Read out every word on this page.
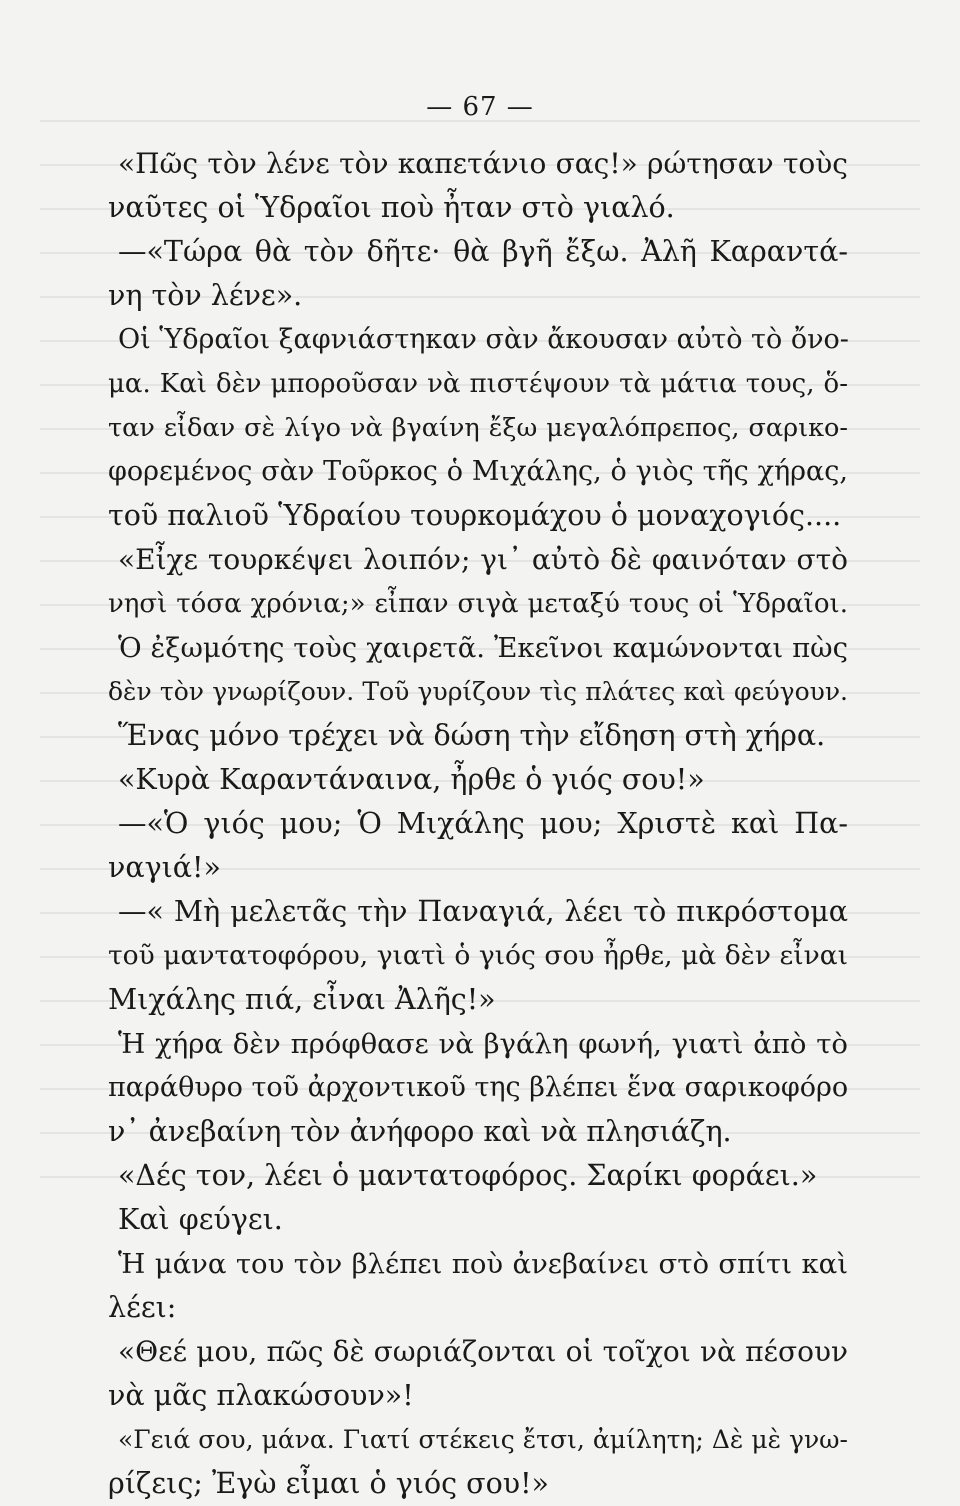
— 67 —
«Πῶς τὸν λένε τὸν καπετάνιο σας!» ρώτησαν τοὺς
ναῦτες οἱ Ὑδραῖοι ποὺ ἦταν στὸ γιαλό.
—«Τώρα θὰ τὸν δῆτε· θὰ βγῆ ἔξω. Ἀλῆ Καραντά-
νη τὸν λένε».
Οἱ Ὑδραῖοι ξαφνιάστηκαν σὰν ἄκουσαν αὐτὸ τὸ ὄνο-
μα. Καὶ δὲν μποροῦσαν νὰ πιστέψουν τὰ μάτια τους, ὅ-
ταν εἶδαν σὲ λίγο νὰ βγαίνη ἔξω μεγαλόπρεπος, σαρικο-
φορεμένος σὰν Τοῦρκος ὁ Μιχάλης, ὁ γιὸς τῆς χήρας,
τοῦ παλιοῦ Ὑδραίου τουρκομάχου ὁ μοναχογιός....
«Εἶχε τουρκέψει λοιπόν; γι᾿ αὐτὸ δὲ φαινόταν στὸ
νησὶ τόσα χρόνια;» εἶπαν σιγὰ μεταξύ τους οἱ Ὑδραῖοι.
Ὁ ἐξωμότης τοὺς χαιρετᾶ. Ἐκεῖνοι καμώνονται πὼς
δὲν τὸν γνωρίζουν. Τοῦ γυρίζουν τὶς πλάτες καὶ φεύγουν.
Ἕνας μόνο τρέχει νὰ δώση τὴν εἴδηση στὴ χήρα.
«Κυρὰ Καραντάναινα, ἦρθε ὁ γιός σου!»
—«Ὁ γιός μου; Ὁ Μιχάλης μου; Χριστὲ καὶ Πα-
ναγιά!»
—« Μὴ μελετᾶς τὴν Παναγιά, λέει τὸ πικρόστομα
τοῦ μαντατοφόρου, γιατὶ ὁ γιός σου ἦρθε, μὰ δὲν εἶναι
Μιχάλης πιά, εἶναι Ἀλῆς!»
Ἡ χήρα δὲν πρόφθασε νὰ βγάλη φωνή, γιατὶ ἀπὸ τὸ
παράθυρο τοῦ ἀρχοντικοῦ της βλέπει ἕνα σαρικοφόρο
ν᾿ ἀνεβαίνη τὸν ἀνήφορο καὶ νὰ πλησιάζη.
«Δές τον, λέει ὁ μαντατοφόρος. Σαρίκι φοράει.»
Καὶ φεύγει.
Ἡ μάνα του τὸν βλέπει ποὺ ἀνεβαίνει στὸ σπίτι καὶ
λέει:
«Θεέ μου, πῶς δὲ σωριάζονται οἱ τοῖχοι νὰ πέσουν
νὰ μᾶς πλακώσουν»!
«Γειά σου, μάνα. Γιατί στέκεις ἔτσι, ἀμίλητη; Δὲ μὲ γνω-
ρίζεις; Ἐγὼ εἶμαι ὁ γιός σου!»
